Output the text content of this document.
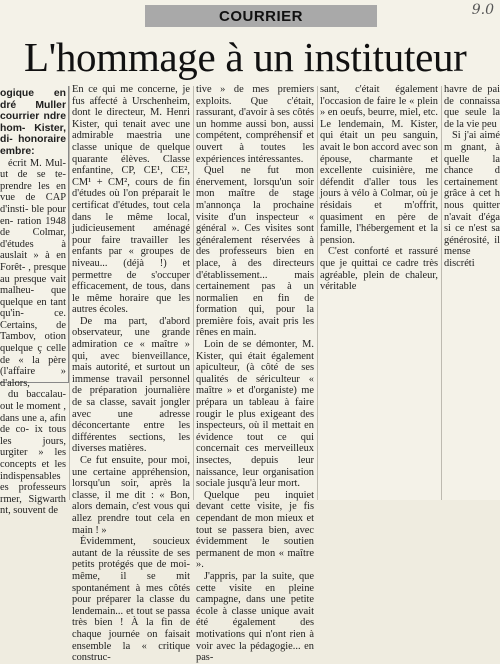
COURRIER	9.0
L'hommage à un instituteur

ogique en dré Muller courrier ndre hom- Kister, di- honoraire embre:

écrit M. Mul- ut de se te- prendre les en vue de CAP d'insti- ble pour en- ration 1948 de Colmar, d'études à auslait » à en Forêt- , presque au presque vait malheu- que quelque en tant qu'in- ce. Certains, de Tambov, otion quelque ç celle de « la père (l'affaire » d'alors,

du baccalau- out le moment , dans une a, afin de co- ix tous les jours, urgiter » les concepts et les indispensables es professeurs rmer, Sigwarth nt, souvent de

En ce qui me concerne, je fus affecté à Urschenheim, dont le directeur, M. Henri Kister, qui tenait avec une admirable maestria une classe unique de quelque quarante élèves. Classe enfantine, CP, CE¹, CE², CM¹ + CM², cours de fin d'études où l'on préparait le certificat d'études, tout cela dans le même local, judicieusement aménagé pour faire travailler les enfants par « groupes de niveau... (déjà !) et permettre de s'occuper efficacement, de tous, dans le même horaire que les autres écoles.

De ma part, d'abord observateur, une grande admiration ce « maître » qui, avec bienveillance, mais autorité, et surtout un immense travail personnel de préparation journalière de sa classe, savait jongler avec une adresse déconcertante entre les différentes sections, les diverses matières.

Ce fut ensuite, pour moi, une certaine appréhension, lorsqu'un soir, après la classe, il me dit : « Bon, alors demain, c'est vous qui allez prendre tout cela en main ! »

Évidemment, soucieux autant de la réussite de ses petits protégés que de moi-même, il se mit spontanément à mes côtés pour préparer la classe du lendemain... et tout se passa très bien ! À la fin de chaque journée on faisait ensemble la « critique construc-

tive » de mes premiers exploits. Que c'était, rassurant, d'avoir à ses côtés un homme aussi bon, aussi compétent, compréhensif et ouvert à toutes les expériences intéressantes.

Quel ne fut mon énervement, lorsqu'un soir mon maître de stage m'annonça la prochaine visite d'un inspecteur « général ». Ces visites sont généralement réservées à des professeurs bien en place, à des directeurs d'établissement... mais certainement pas à un normalien en fin de formation qui, pour la première fois, avait pris les rênes en main.

Loin de se démonter, M. Kister, qui était également apiculteur, (à côté de ses qualités de sériculteur « maître » et d'organiste) me prépara un tableau à faire rougir le plus exigeant des inspecteurs, où il mettait en évidence tout ce qui concernait ces merveilleux insectes, depuis leur naissance, leur organisation sociale jusqu'à leur mort.

Quelque peu inquiet devant cette visite, je fis cependant de mon mieux et tout se passera bien, avec évidemment le soutien permanent de mon « maître ».

J'appris, par la suite, que cette visite en pleine campagne, dans une petite école à classe unique avait été également des motivations qui n'ont rien à voir avec la pédagogie... en pas-

sant, c'était également l'occasion de faire le « plein » en oeufs, beurre, miel, etc. Le lendemain, M. Kister, qui était un peu sanguin, avait le bon accord avec son épouse, charmante et excellente cuisinière, me défendit d'aller tous les jours à vélo à Colmar, où je résidais et m'offrit, quasiment en père de famille, l'hébergement et la pension.

C'est conforté et rassuré que je quittai ce cadre très agréable, plein de chaleur, véritable

havre de pai de connaissa que seule la de la vie peu

Si j'ai aimé m gnant, à quelle la chance d certainement grâce à cet h nous quitter n'avait d'éga si ce n'est sa générosité, il mense discréti
